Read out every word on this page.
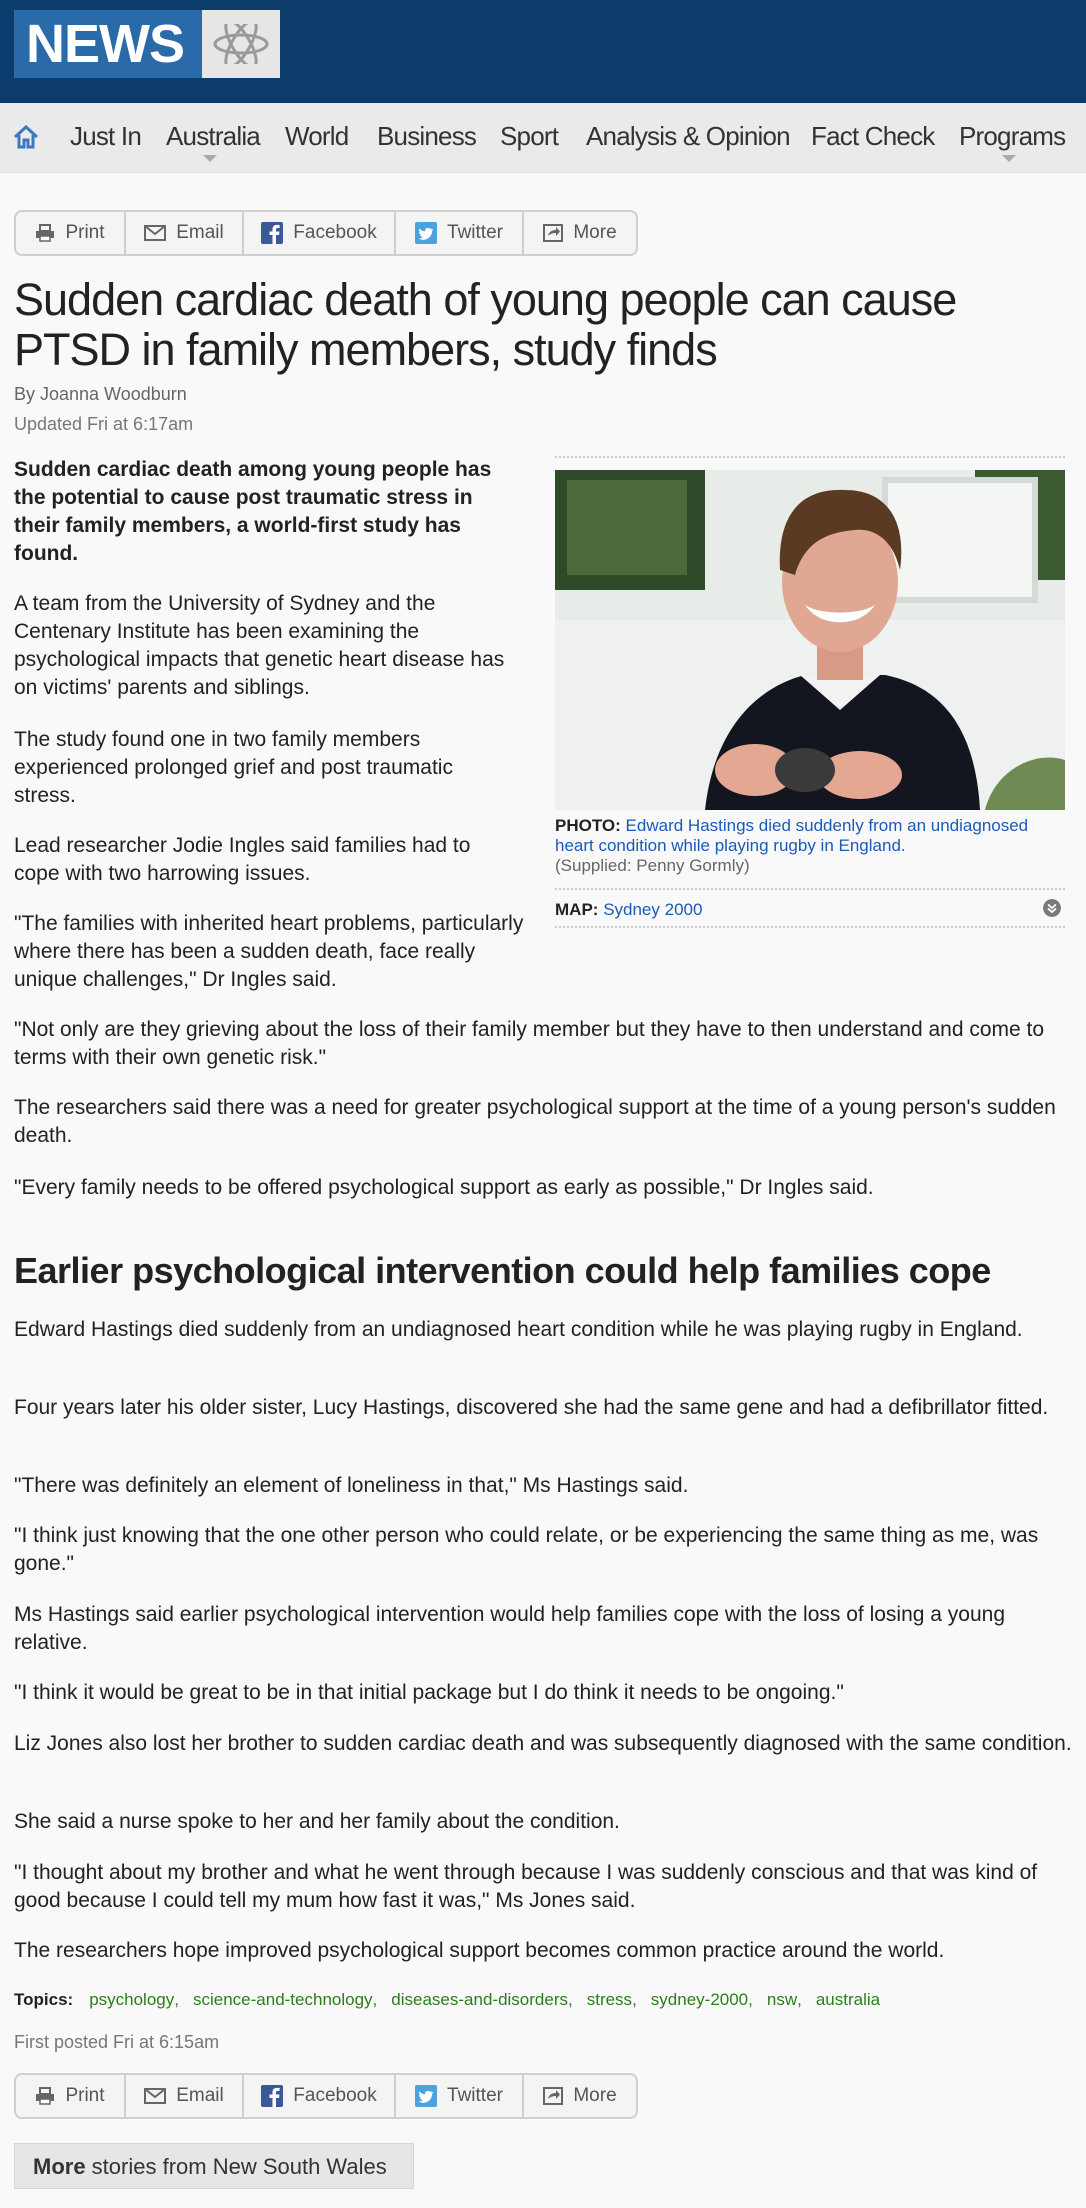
NEWS
Just In Australia World Business Sport Analysis & Opinion Fact Check Programs
Print	Email	Facebook	Twitter	More
Sudden cardiac death of young people can cause PTSD in family members, study finds
By Joanna Woodburn
Updated Fri at 6:17am

Sudden cardiac death among young people has the potential to cause post traumatic stress in their family members, a world-first study has found.

A team from the University of Sydney and the Centenary Institute has been examining the psychological impacts that genetic heart disease has on victims' parents and siblings.

The study found one in two family members experienced prolonged grief and post traumatic stress.

Lead researcher Jodie Ingles said families had to cope with two harrowing issues.

"The families with inherited heart problems, particularly where there has been a sudden death, face really unique challenges," Dr Ingles said.

PHOTO: Edward Hastings died suddenly from an undiagnosed heart condition while playing rugby in England.
(Supplied: Penny Gormly)
MAP: Sydney 2000

"Not only are they grieving about the loss of their family member but they have to then understand and come to terms with their own genetic risk."

The researchers said there was a need for greater psychological support at the time of a young person's sudden death.

"Every family needs to be offered psychological support as early as possible," Dr Ingles said.

Earlier psychological intervention could help families cope

Edward Hastings died suddenly from an undiagnosed heart condition while he was playing rugby in England.

Four years later his older sister, Lucy Hastings, discovered she had the same gene and had a defibrillator fitted.

"There was definitely an element of loneliness in that," Ms Hastings said.

"I think just knowing that the one other person who could relate, or be experiencing the same thing as me, was gone."

Ms Hastings said earlier psychological intervention would help families cope with the loss of losing a young relative.

"I think it would be great to be in that initial package but I do think it needs to be ongoing."

Liz Jones also lost her brother to sudden cardiac death and was subsequently diagnosed with the same condition.

She said a nurse spoke to her and her family about the condition.

"I thought about my brother and what he went through because I was suddenly conscious and that was kind of good because I could tell my mum how fast it was," Ms Jones said.

The researchers hope improved psychological support becomes common practice around the world.

Topics: psychology , science-and-technology , diseases-and-disorders , stress , sydney-2000 , nsw , australia
First posted Fri at 6:15am
Print	Email	Facebook	Twitter	More
More stories from New South Wales
